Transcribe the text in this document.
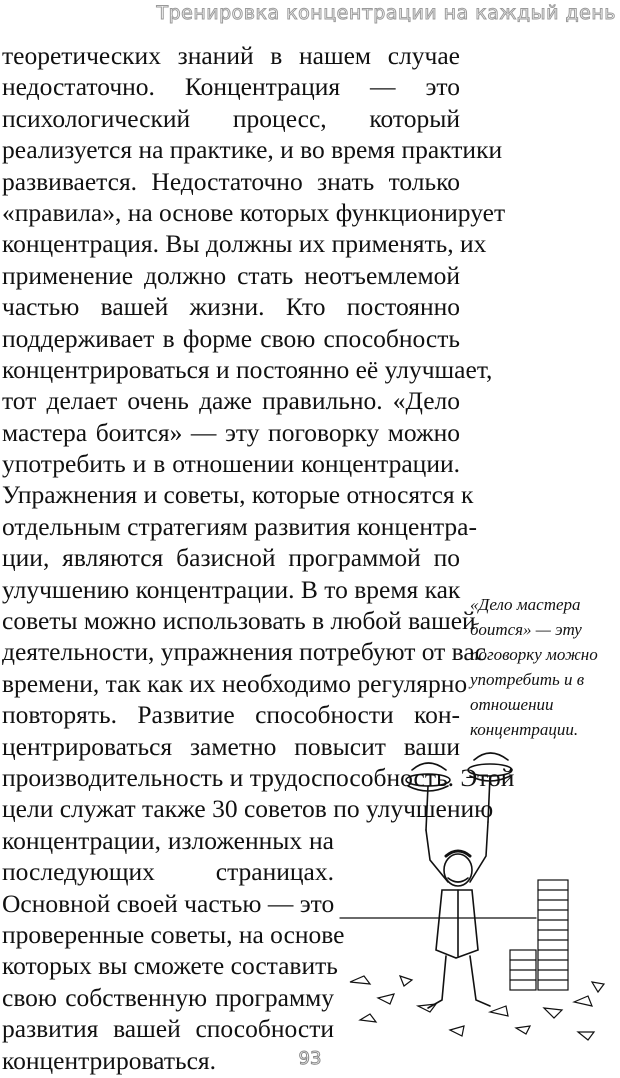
Тренировка концентрации на каждый день
теоретических знаний в нашем случае
недостаточно. Концентрация — это
психологический процесс, который
реализуется на практике, и во время практики
развивается. Недостаточно знать только
«правила», на основе которых функционирует
концентрация. Вы должны их применять, их
применение должно стать неотъемлемой
частью вашей жизни. Кто постоянно
поддерживает в форме свою способность
концентрироваться и постоянно её улучшает,
тот делает очень даже правильно. «Дело
мастера боится» — эту поговорку можно
употребить и в отношении концентрации.
Упражнения и советы, которые относятся к
отдельным стратегиям развития концентра-
ции, являются базисной программой по
улучшению концентрации. В то время как
советы можно использовать в любой вашей
деятельности, упражнения потребуют от вас
времени, так как их необходимо регулярно
повторять. Развитие способности кон-
центрироваться заметно повысит ваши
производительность и трудоспособность. Этой
цели служат также 30 советов по улучшению
концентрации, изложенных на
последующих страницах.
Основной своей частью — это
проверенные советы, на основе
которых вы сможете составить
свою собственную программу
развития вашей способности
концентрироваться.
«Дело мастера
боится» — эту
поговорку можно
употребить и в
отношении
концентрации.
93
